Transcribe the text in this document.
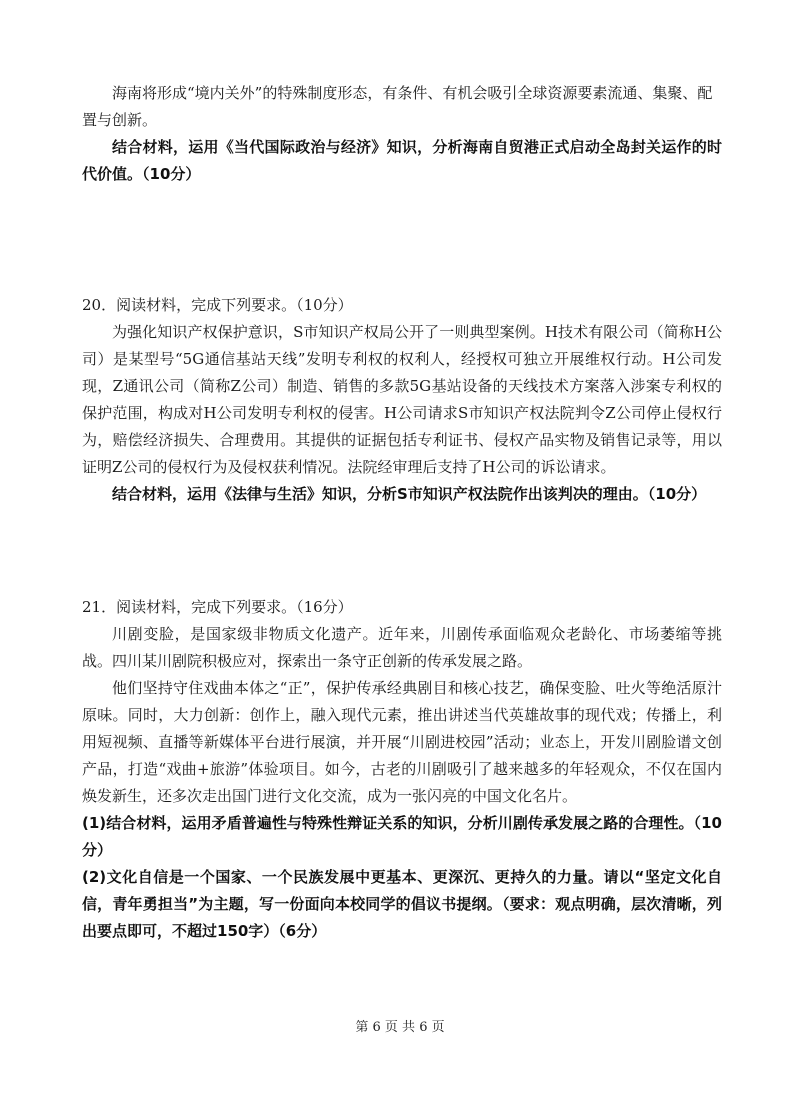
海南将形成“境内关外”的特殊制度形态，有条件、有机会吸引全球资源要素流通、集聚、配

置与创新。

结合材料，运用《当代国际政治与经济》知识，分析海南自贸港正式启动全岛封关运作的时代价值。（10分）

20．阅读材料，完成下列要求。（10分）

为强化知识产权保护意识，S市知识产权局公开了一则典型案例。H技术有限公司（简称H公司）是某型号“5G通信基站天线”发明专利权的权利人，经授权可独立开展维权行动。H公司发现，Z通讯公司（简称Z公司）制造、销售的多款5G基站设备的天线技术方案落入涉案专利权的保护范围，构成对H公司发明专利权的侵害。H公司请求S市知识产权法院判令Z公司停止侵权行为，赔偿经济损失、合理费用。其提供的证据包括专利证书、侵权产品实物及销售记录等，用以证明Z公司的侵权行为及侵权获利情况。法院经审理后支持了H公司的诉讼请求。

结合材料，运用《法律与生活》知识，分析S市知识产权法院作出该判决的理由。（10分）

21．阅读材料，完成下列要求。（16分）

川剧变脸，是国家级非物质文化遗产。近年来，川剧传承面临观众老龄化、市场萎缩等挑战。四川某川剧院积极应对，探索出一条守正创新的传承发展之路。

他们坚持守住戏曲本体之“正”，保护传承经典剧目和核心技艺，确保变脸、吐火等绝活原汁原味。同时，大力创新：创作上，融入现代元素，推出讲述当代英雄故事的现代戏；传播上，利用短视频、直播等新媒体平台进行展演，并开展“川剧进校园”活动；业态上，开发川剧脸谱文创产品，打造“戏曲+旅游”体验项目。如今，古老的川剧吸引了越来越多的年轻观众，不仅在国内焕发新生，还多次走出国门进行文化交流，成为一张闪亮的中国文化名片。

(1)结合材料，运用矛盾普遍性与特殊性辩证关系的知识，分析川剧传承发展之路的合理性。（10分）

(2)文化自信是一个国家、一个民族发展中更基本、更深沉、更持久的力量。请以“坚定文化自信，青年勇担当”为主题，写一份面向本校同学的倡议书提纲。（要求：观点明确，层次清晰，列出要点即可，不超过150字）（6分）

第 6 页 共 6 页
